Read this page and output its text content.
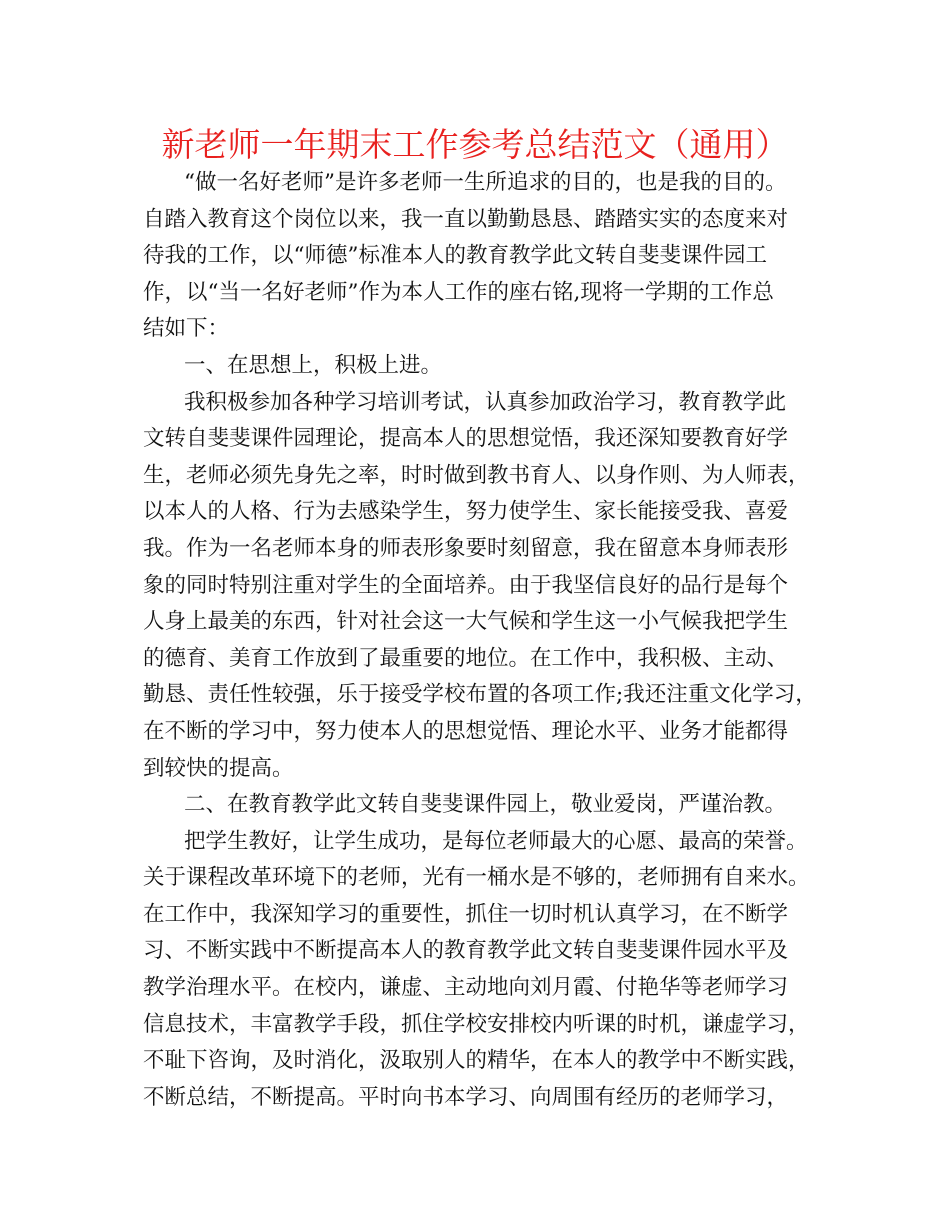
新老师一年期末工作参考总结范文（通用）
“做一名好老师”是许多老师一生所追求的目的，也是我的目的。
自踏入教育这个岗位以来，我一直以勤勤恳恳、踏踏实实的态度来对
待我的工作，以“师德”标准本人的教育教学此文转自斐斐课件园工
作，以“当一名好老师”作为本人工作的座右铭,现将一学期的工作总
结如下：
一、在思想上，积极上进。
我积极参加各种学习培训考试，认真参加政治学习，教育教学此
文转自斐斐课件园理论，提高本人的思想觉悟，我还深知要教育好学
生，老师必须先身先之率，时时做到教书育人、以身作则、为人师表，
以本人的人格、行为去感染学生，努力使学生、家长能接受我、喜爱
我。作为一名老师本身的师表形象要时刻留意，我在留意本身师表形
象的同时特别注重对学生的全面培养。由于我坚信良好的品行是每个
人身上最美的东西，针对社会这一大气候和学生这一小气候我把学生
的德育、美育工作放到了最重要的地位。在工作中，我积极、主动、
勤恳、责任性较强，乐于接受学校布置的各项工作;我还注重文化学习，
在不断的学习中，努力使本人的思想觉悟、理论水平、业务才能都得
到较快的提高。
二、在教育教学此文转自斐斐课件园上，敬业爱岗，严谨治教。
把学生教好，让学生成功，是每位老师最大的心愿、最高的荣誉。
关于课程改革环境下的老师，光有一桶水是不够的，老师拥有自来水。
在工作中，我深知学习的重要性，抓住一切时机认真学习，在不断学
习、不断实践中不断提高本人的教育教学此文转自斐斐课件园水平及
教学治理水平。在校内，谦虚、主动地向刘月霞、付艳华等老师学习
信息技术，丰富教学手段，抓住学校安排校内听课的时机，谦虚学习，
不耻下咨询，及时消化，汲取别人的精华，在本人的教学中不断实践，
不断总结，不断提高。平时向书本学习、向周围有经历的老师学习，
